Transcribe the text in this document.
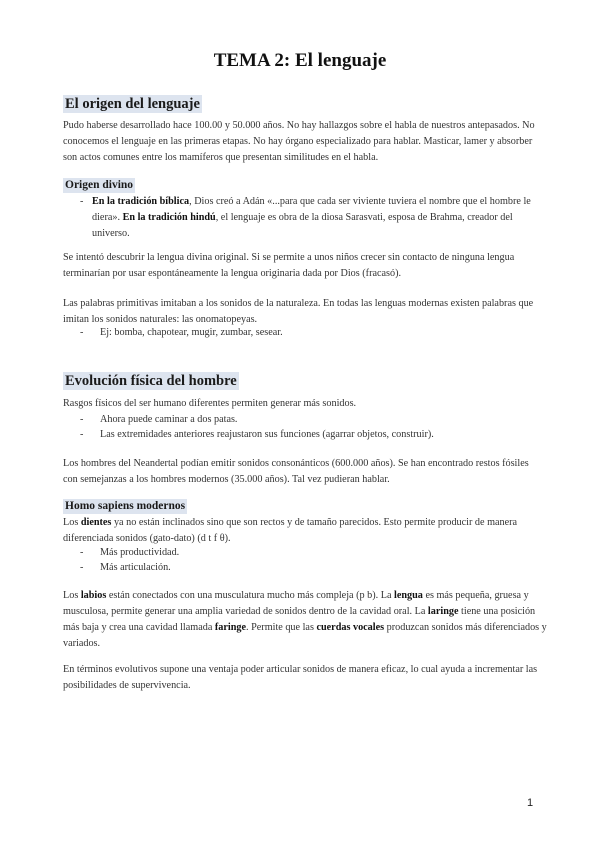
TEMA 2: El lenguaje
El origen del lenguaje
Pudo haberse desarrollado hace 100.00 y 50.000 años. No hay hallazgos sobre el habla de nuestros antepasados. No conocemos el lenguaje en las primeras etapas. No hay órgano especializado para hablar. Masticar, lamer y absorber son actos comunes entre los mamíferos que presentan similitudes en el habla.
Origen divino
- En la tradición bíblica, Dios creó a Adán «...para que cada ser viviente tuviera el nombre que el hombre le diera». En la tradición hindú, el lenguaje es obra de la diosa Sarasvati, esposa de Brahma, creador del universo.
Se intentó descubrir la lengua divina original. Si se permite a unos niños crecer sin contacto de ninguna lengua terminarían por usar espontáneamente la lengua originaria dada por Dios (fracasó).
Las palabras primitivas imitaban a los sonidos de la naturaleza. En todas las lenguas modernas existen palabras que imitan los sonidos naturales: las onomatopeyas.
- Ej: bomba, chapotear, mugir, zumbar, sesear.
Evolución física del hombre
Rasgos físicos del ser humano diferentes permiten generar más sonidos.
- Ahora puede caminar a dos patas.
- Las extremidades anteriores reajustaron sus funciones (agarrar objetos, construir).
Los hombres del Neandertal podían emitir sonidos consonánticos (600.000 años). Se han encontrado restos fósiles con semejanzas a los hombres modernos (35.000 años). Tal vez pudieran hablar.
Homo sapiens modernos
Los dientes ya no están inclinados sino que son rectos y de tamaño parecidos. Esto permite producir de manera diferenciada sonidos (gato-dato) (d t f θ).
- Más productividad.
- Más articulación.
Los labios están conectados con una musculatura mucho más compleja (p b). La lengua es más pequeña, gruesa y musculosa, permite generar una amplia variedad de sonidos dentro de la cavidad oral. La laringe tiene una posición más baja y crea una cavidad llamada faringe. Permite que las cuerdas vocales produzcan sonidos más diferenciados y variados.
En términos evolutivos supone una ventaja poder articular sonidos de manera eficaz, lo cual ayuda a incrementar las posibilidades de supervivencia.
1
